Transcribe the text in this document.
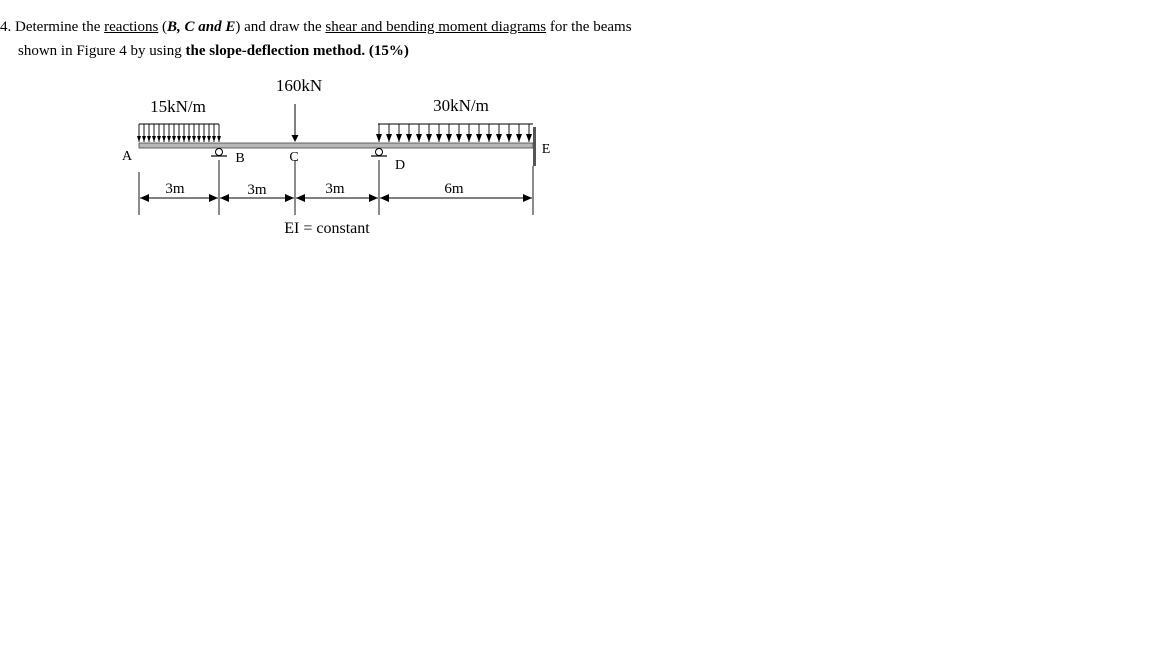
4. Determine the reactions (B, C and E) and draw the shear and bending moment diagrams for the beams
shown in Figure 4 by using the slope-deflection method. (15%)
160kN
15kN/m	30kN/m
A	B	C
D
E
3m	3m	3m	6m
EI = constant
